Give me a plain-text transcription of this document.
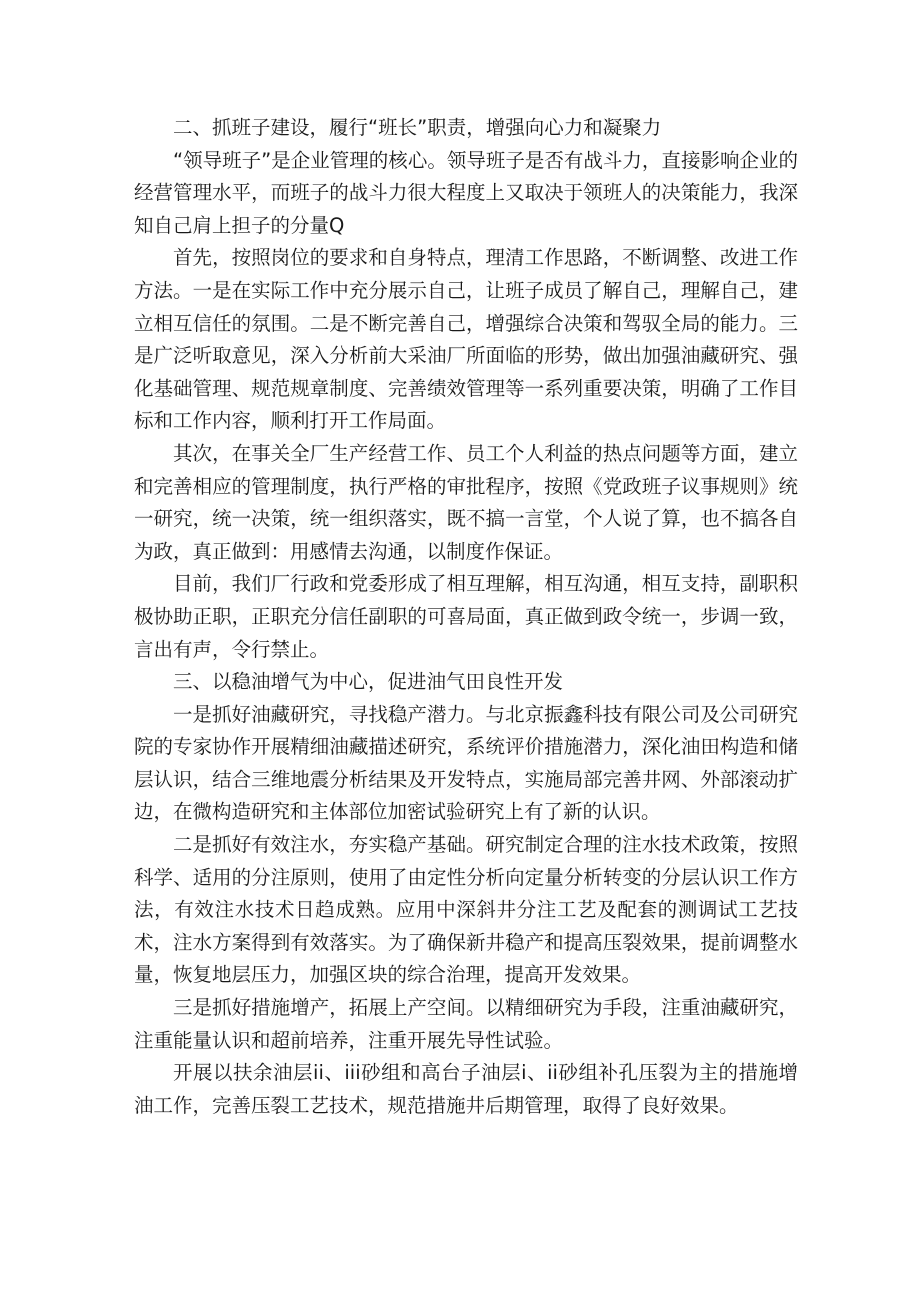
二、抓班子建设，履行“班长”职责，增强向心力和凝聚力

“领导班子”是企业管理的核心。领导班子是否有战斗力，直接影响企业的经营管理水平，而班子的战斗力很大程度上又取决于领班人的决策能力，我深知自己肩上担子的分量Q

首先，按照岗位的要求和自身特点，理清工作思路，不断调整、改进工作方法。一是在实际工作中充分展示自己，让班子成员了解自己，理解自己，建立相互信任的氛围。二是不断完善自己，增强综合决策和驾驭全局的能力。三是广泛听取意见，深入分析前大采油厂所面临的形势，做出加强油藏研究、强化基础管理、规范规章制度、完善绩效管理等一系列重要决策，明确了工作目标和工作内容，顺利打开工作局面。

其次，在事关全厂生产经营工作、员工个人利益的热点问题等方面，建立和完善相应的管理制度，执行严格的审批程序，按照《党政班子议事规则》统一研究，统一决策，统一组织落实，既不搞一言堂，个人说了算，也不搞各自为政，真正做到：用感情去沟通，以制度作保证。

目前，我们厂行政和党委形成了相互理解，相互沟通，相互支持，副职积极协助正职，正职充分信任副职的可喜局面，真正做到政令统一，步调一致，言出有声，令行禁止。

三、以稳油增气为中心，促进油气田良性开发

一是抓好油藏研究，寻找稳产潜力。与北京振鑫科技有限公司及公司研究院的专家协作开展精细油藏描述研究，系统评价措施潜力，深化油田构造和储层认识，结合三维地震分析结果及开发特点，实施局部完善井网、外部滚动扩边，在微构造研究和主体部位加密试验研究上有了新的认识。

二是抓好有效注水，夯实稳产基础。研究制定合理的注水技术政策，按照科学、适用的分注原则，使用了由定性分析向定量分析转变的分层认识工作方法，有效注水技术日趋成熟。应用中深斜井分注工艺及配套的测调试工艺技术，注水方案得到有效落实。为了确保新井稳产和提高压裂效果，提前调整水量，恢复地层压力，加强区块的综合治理，提高开发效果。

三是抓好措施增产，拓展上产空间。以精细研究为手段，注重油藏研究，注重能量认识和超前培养，注重开展先导性试验。

开展以扶余油层ii、iii砂组和高台子油层i、ii砂组补孔压裂为主的措施增油工作，完善压裂工艺技术，规范措施井后期管理，取得了良好效果。
